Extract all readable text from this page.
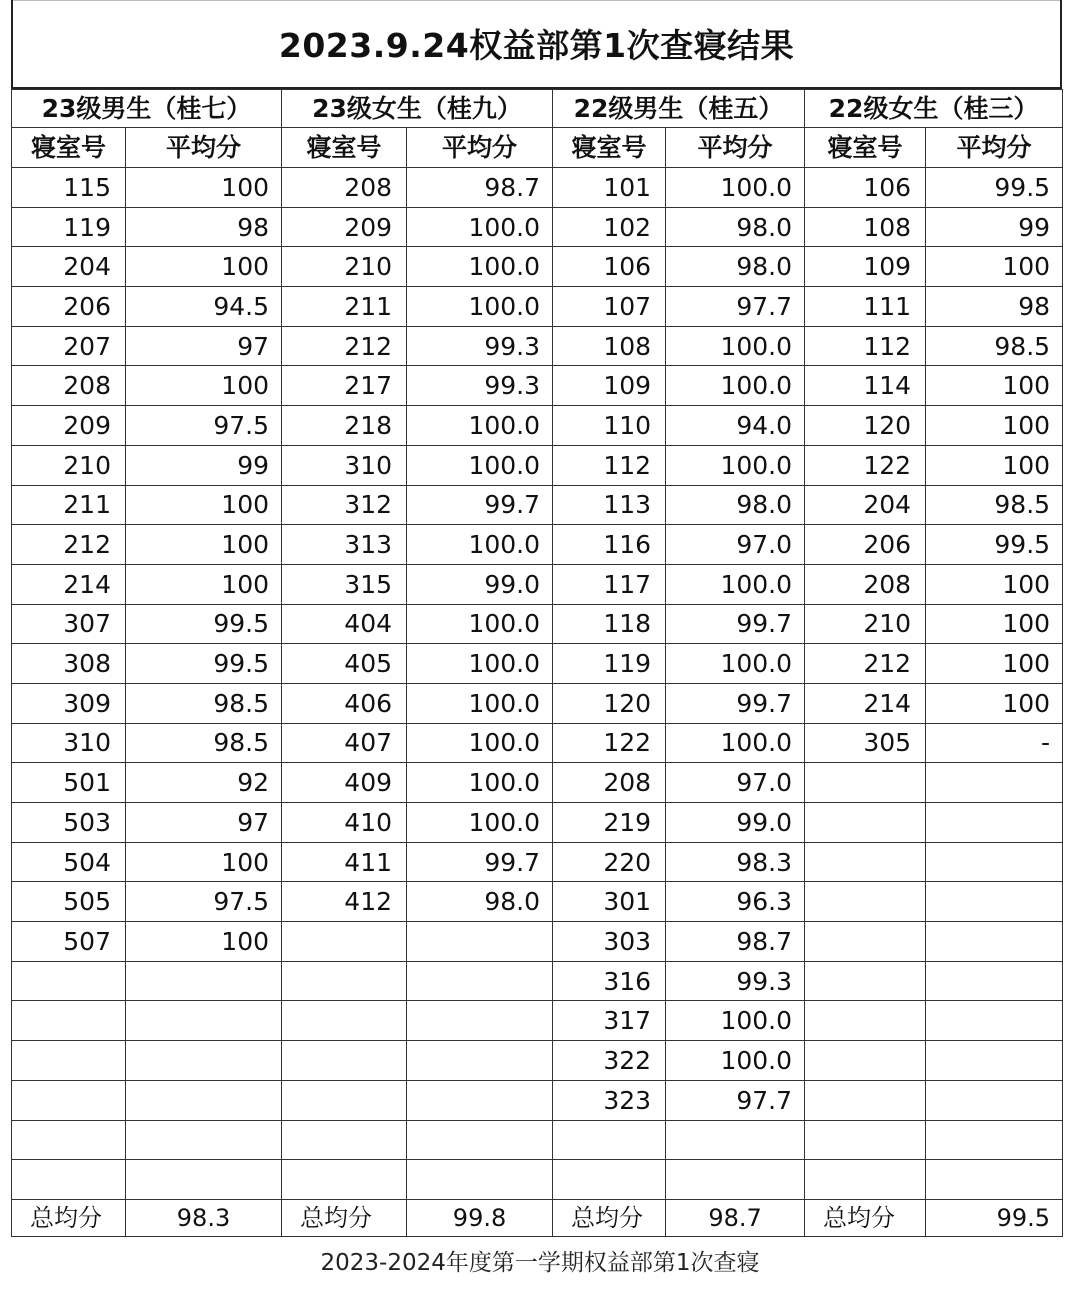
2023.9.24权益部第1次查寝结果
23级男生（桂七）		23级女生（桂九）		22级男生（桂五）		22级女生（桂三）	
寝室号	平均分	寝室号	平均分	寝室号	平均分	寝室号	平均分
115	100	208	98.7	101	100.0	106	99.5
119	98	209	100.0	102	98.0	108	99
204	100	210	100.0	106	98.0	109	100
206	94.5	211	100.0	107	97.7	111	98
207	97	212	99.3	108	100.0	112	98.5
208	100	217	99.3	109	100.0	114	100
209	97.5	218	100.0	110	94.0	120	100
210	99	310	100.0	112	100.0	122	100
211	100	312	99.7	113	98.0	204	98.5
212	100	313	100.0	116	97.0	206	99.5
214	100	315	99.0	117	100.0	208	100
307	99.5	404	100.0	118	99.7	210	100
308	99.5	405	100.0	119	100.0	212	100
309	98.5	406	100.0	120	99.7	214	100
310	98.5	407	100.0	122	100.0	305	-
501	92	409	100.0	208	97.0		
503	97	410	100.0	219	99.0		
504	100	411	99.7	220	98.3		
505	97.5	412	98.0	301	96.3		
507	100			303	98.7		
				316	99.3		
				317	100.0		
				322	100.0		
				323	97.7		

总均分	98.3	总均分	99.8	总均分	98.7	总均分	99.5
2023-2024年度第一学期权益部第1次查寝
